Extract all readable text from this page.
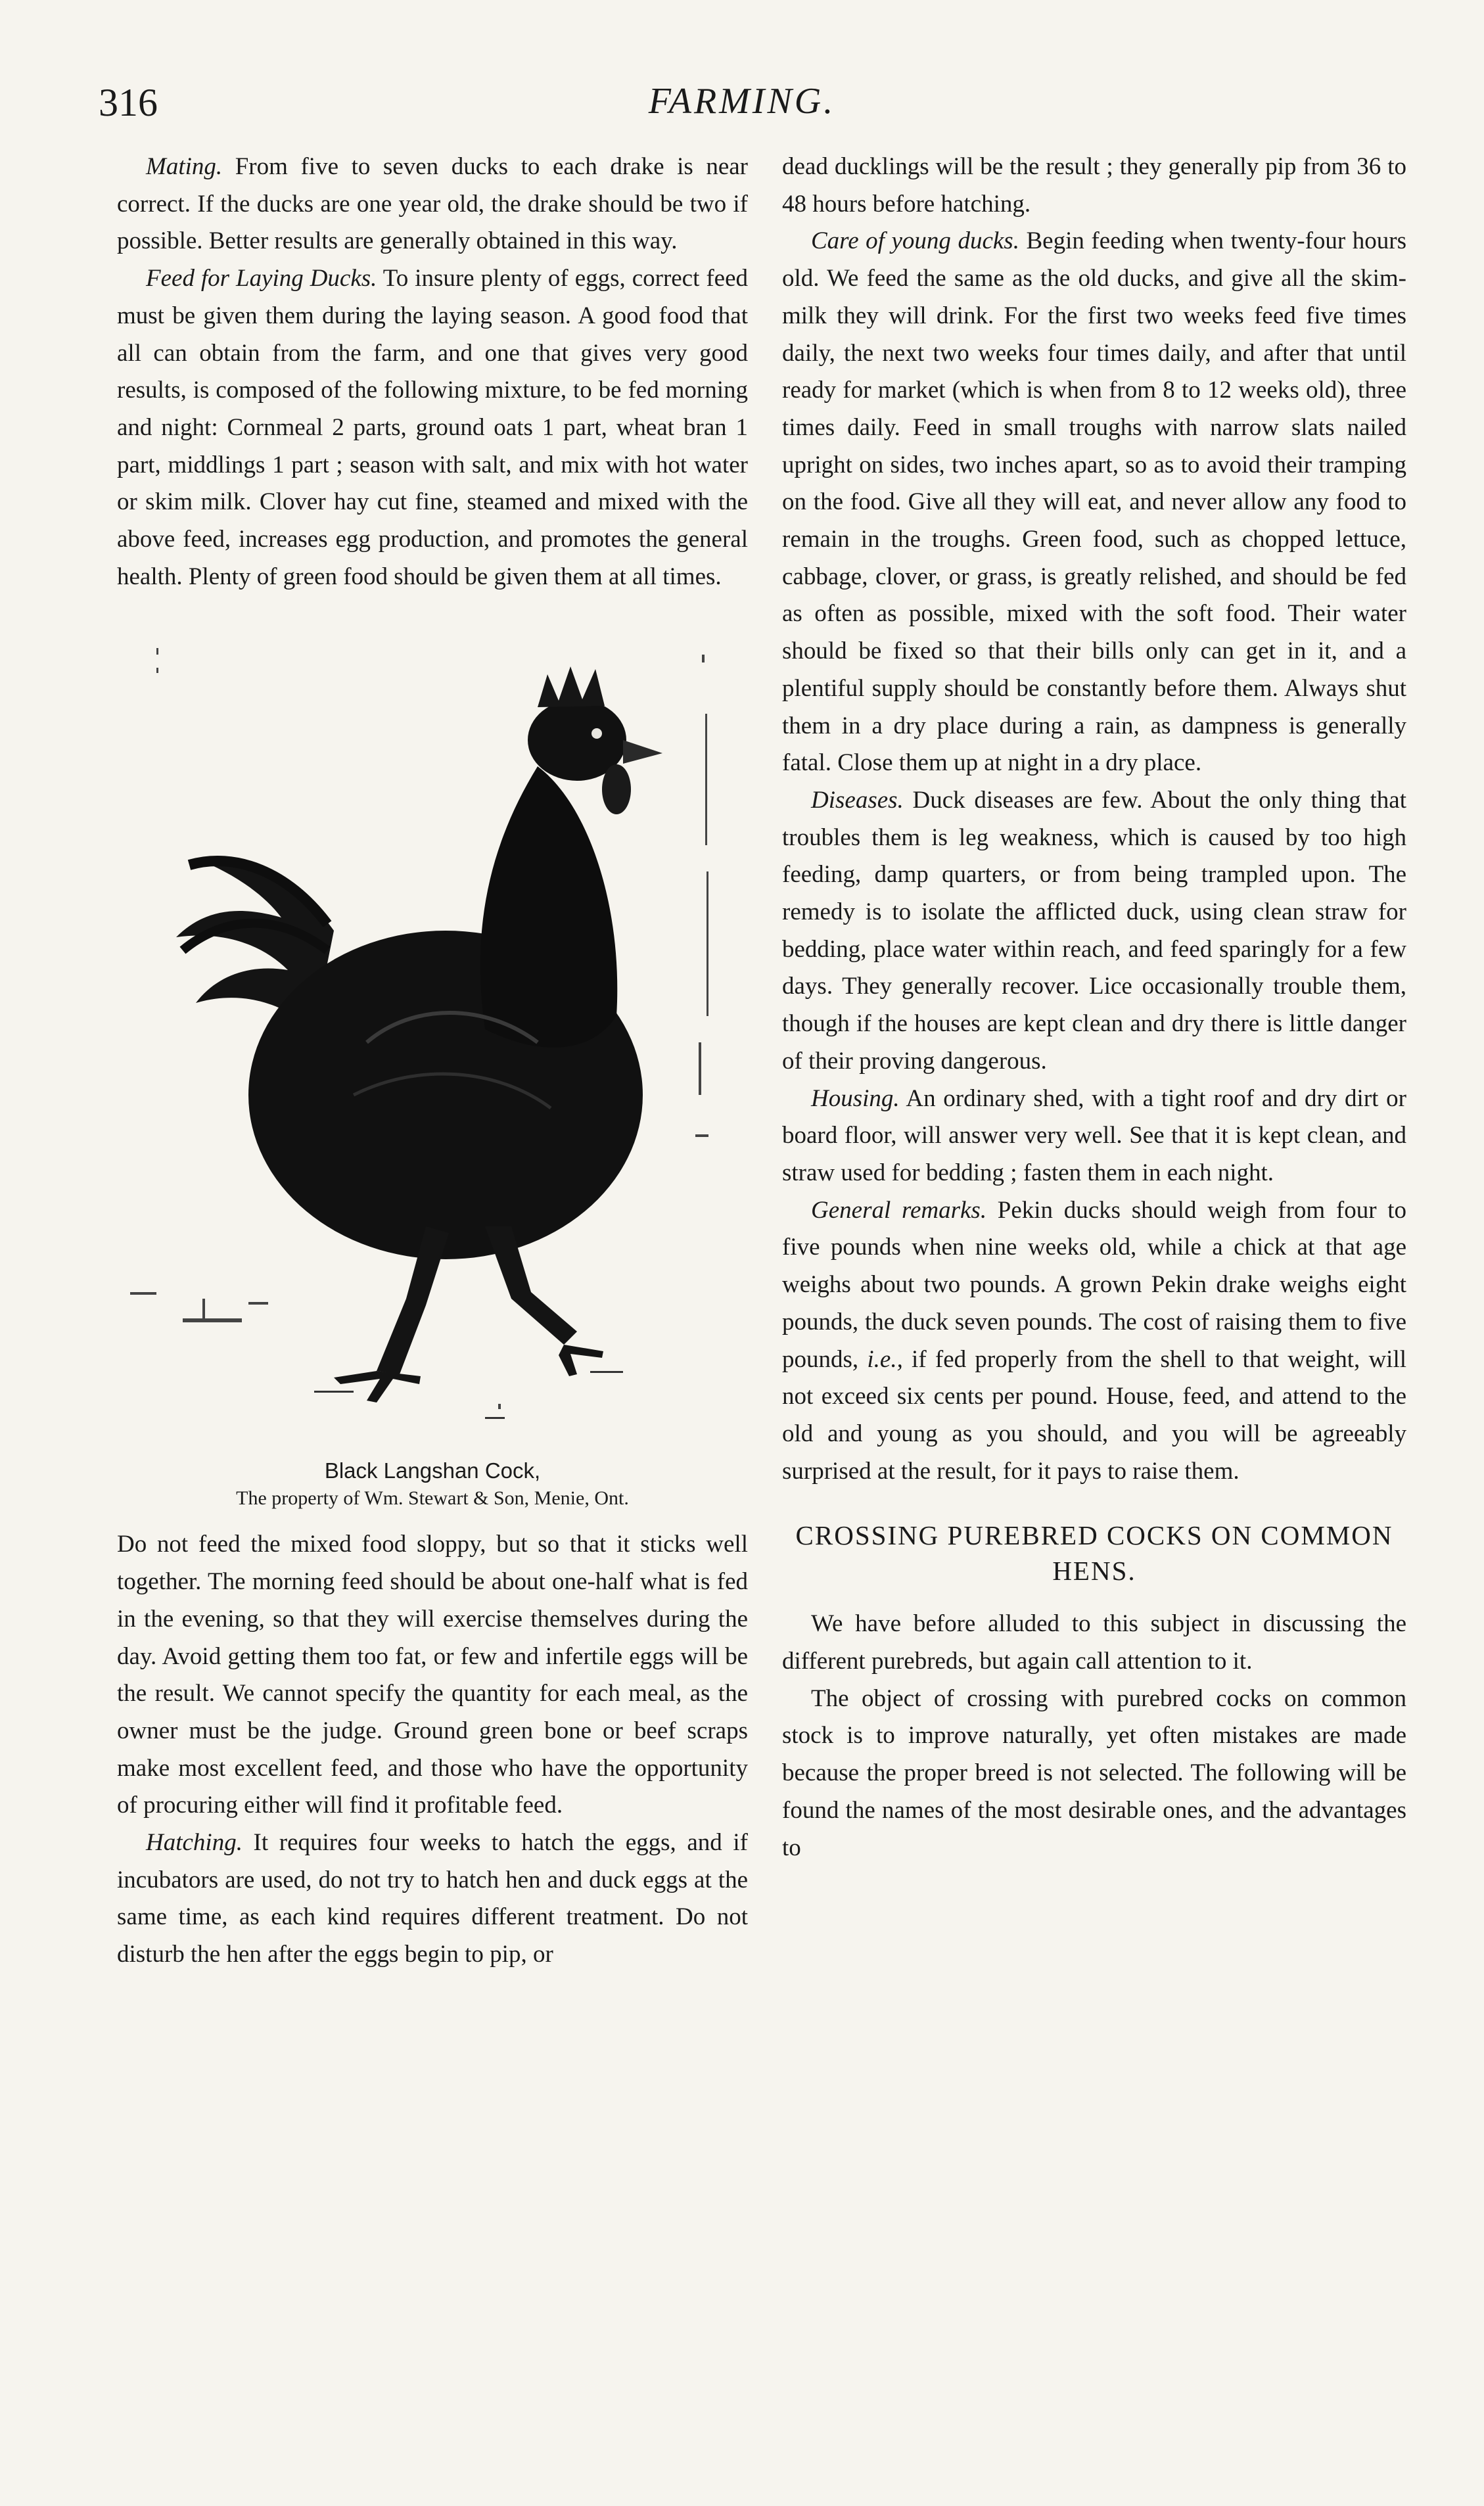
316	FARMING.

Mating. From five to seven ducks to each drake is near correct. If the ducks are one year old, the drake should be two if possible. Better results are generally obtained in this way.

Feed for Laying Ducks. To insure plenty of eggs, correct feed must be given them during the laying season. A good food that all can obtain from the farm, and one that gives very good results, is composed of the following mixture, to be fed morning and night: Cornmeal 2 parts, ground oats 1 part, wheat bran 1 part, middlings 1 part ; season with salt, and mix with hot water or skim milk. Clover hay cut fine, steamed and mixed with the above feed, increases egg production, and promotes the general health. Plenty of green food should be given them at all times.

Black Langshan Cock,
The property of Wm. Stewart & Son, Menie, Ont.

Do not feed the mixed food sloppy, but so that it sticks well together. The morning feed should be about one-half what is fed in the evening, so that they will exercise themselves during the day. Avoid getting them too fat, or few and infertile eggs will be the result. We cannot specify the quantity for each meal, as the owner must be the judge. Ground green bone or beef scraps make most excellent feed, and those who have the opportunity of procuring either will find it profitable feed.

Hatching. It requires four weeks to hatch the eggs, and if incubators are used, do not try to hatch hen and duck eggs at the same time, as each kind requires different treatment. Do not disturb the hen after the eggs begin to pip, or

dead ducklings will be the result ; they generally pip from 36 to 48 hours before hatching.

Care of young ducks. Begin feeding when twenty-four hours old. We feed the same as the old ducks, and give all the skim-milk they will drink. For the first two weeks feed five times daily, the next two weeks four times daily, and after that until ready for market (which is when from 8 to 12 weeks old), three times daily. Feed in small troughs with narrow slats nailed upright on sides, two inches apart, so as to avoid their tramping on the food. Give all they will eat, and never allow any food to remain in the troughs. Green food, such as chopped lettuce, cabbage, clover, or grass, is greatly relished, and should be fed as often as possible, mixed with the soft food. Their water should be fixed so that their bills only can get in it, and a plentiful supply should be constantly before them. Always shut them in a dry place during a rain, as dampness is generally fatal. Close them up at night in a dry place.

Diseases. Duck diseases are few. About the only thing that troubles them is leg weakness, which is caused by too high feeding, damp quarters, or from being trampled upon. The remedy is to isolate the afflicted duck, using clean straw for bedding, place water within reach, and feed sparingly for a few days. They generally recover. Lice occasionally trouble them, though if the houses are kept clean and dry there is little danger of their proving dangerous.

Housing. An ordinary shed, with a tight roof and dry dirt or board floor, will answer very well. See that it is kept clean, and straw used for bedding ; fasten them in each night.

General remarks. Pekin ducks should weigh from four to five pounds when nine weeks old, while a chick at that age weighs about two pounds. A grown Pekin drake weighs eight pounds, the duck seven pounds. The cost of raising them to five pounds, i.e., if fed properly from the shell to that weight, will not exceed six cents per pound. House, feed, and attend to the old and young as you should, and you will be agreeably surprised at the result, for it pays to raise them.

CROSSING PUREBRED COCKS ON COMMON HENS.

We have before alluded to this subject in discussing the different purebreds, but again call attention to it.

The object of crossing with purebred cocks on common stock is to improve naturally, yet often mistakes are made because the proper breed is not selected. The following will be found the names of the most desirable ones, and the advantages to
